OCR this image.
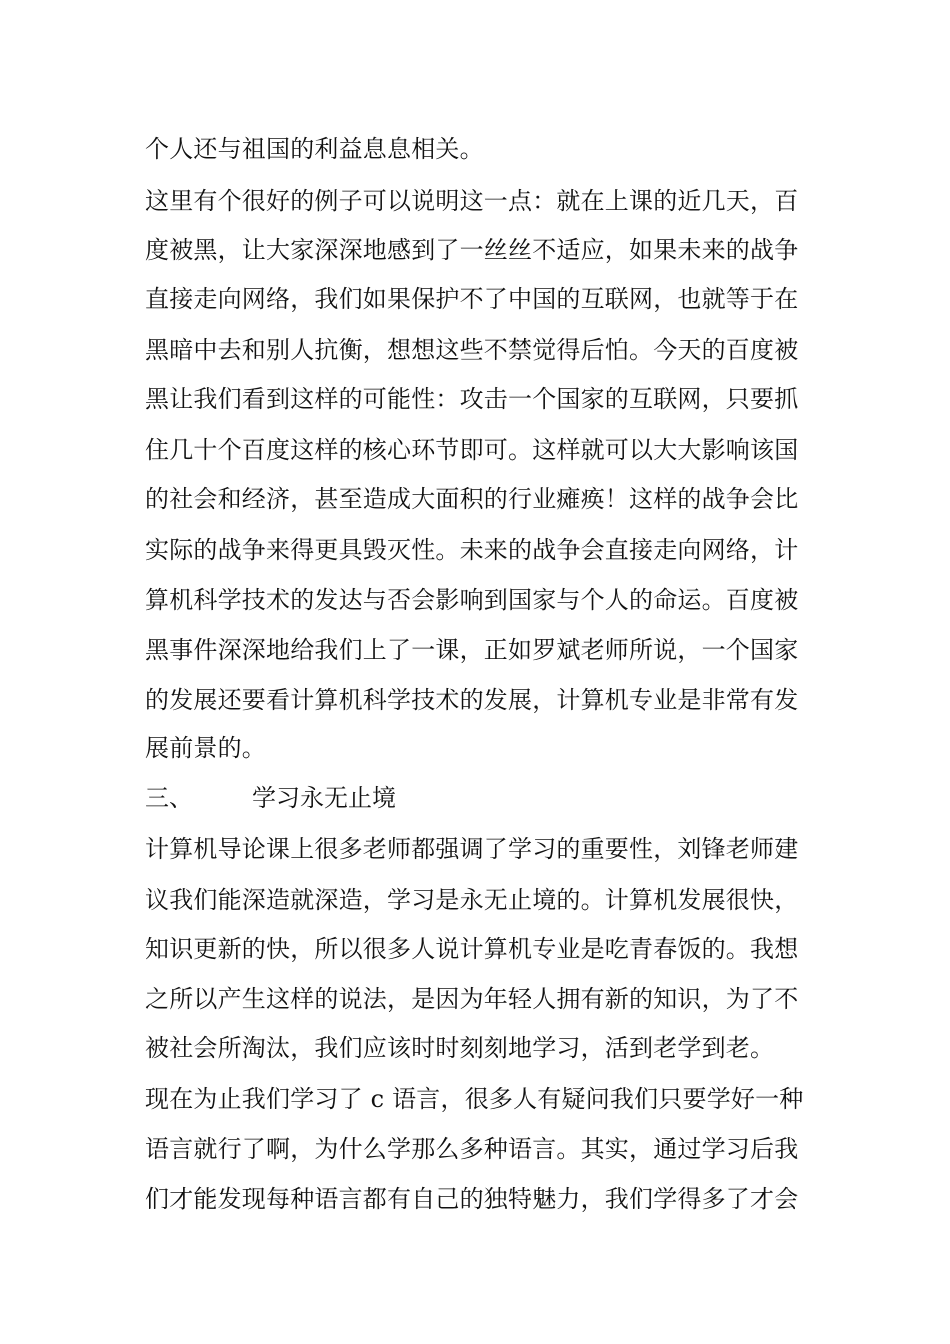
个人还与祖国的利益息息相关。
这里有个很好的例子可以说明这一点：就在上课的近几天，百
度被黑，让大家深深地感到了一丝丝不适应，如果未来的战争
直接走向网络，我们如果保护不了中国的互联网，也就等于在
黑暗中去和别人抗衡，想想这些不禁觉得后怕。今天的百度被
黑让我们看到这样的可能性：攻击一个国家的互联网，只要抓
住几十个百度这样的核心环节即可。这样就可以大大影响该国
的社会和经济，甚至造成大面积的行业瘫痪！这样的战争会比
实际的战争来得更具毁灭性。未来的战争会直接走向网络，计
算机科学技术的发达与否会影响到国家与个人的命运。百度被
黑事件深深地给我们上了一课，正如罗斌老师所说，一个国家
的发展还要看计算机科学技术的发展，计算机专业是非常有发
展前景的。
三、 学习永无止境
计算机导论课上很多老师都强调了学习的重要性，刘锋老师建
议我们能深造就深造，学习是永无止境的。计算机发展很快，
知识更新的快，所以很多人说计算机专业是吃青春饭的。我想
之所以产生这样的说法，是因为年轻人拥有新的知识，为了不
被社会所淘汰，我们应该时时刻刻地学习，活到老学到老。
现在为止我们学习了 c 语言，很多人有疑问我们只要学好一种
语言就行了啊，为什么学那么多种语言。其实，通过学习后我
们才能发现每种语言都有自己的独特魅力，我们学得多了才会
